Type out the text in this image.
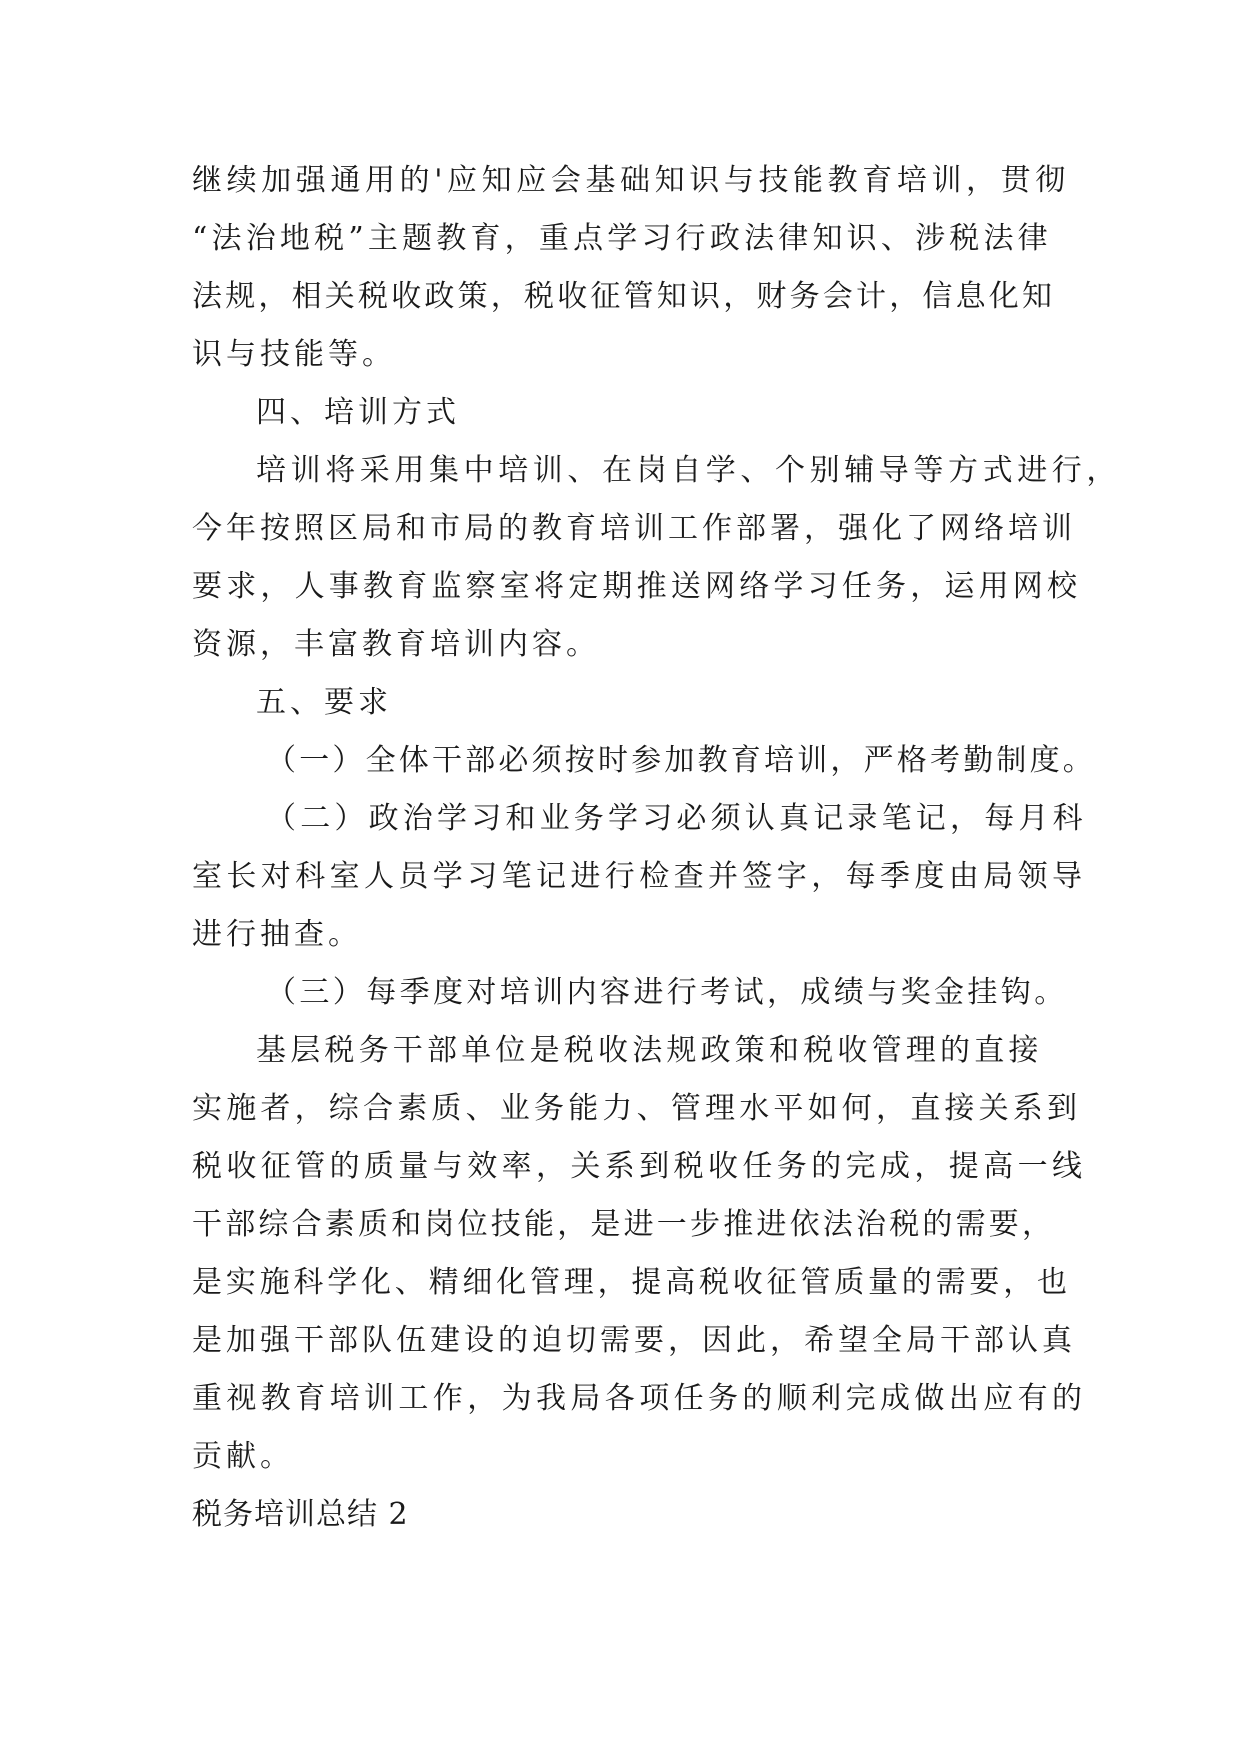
继续加强通用的'应知应会基础知识与技能教育培训，贯彻
“法治地税”主题教育，重点学习行政法律知识、涉税法律
法规，相关税收政策，税收征管知识，财务会计，信息化知
识与技能等。
四、培训方式
培训将采用集中培训、在岗自学、个别辅导等方式进行，
今年按照区局和市局的教育培训工作部署，强化了网络培训
要求，人事教育监察室将定期推送网络学习任务，运用网校
资源，丰富教育培训内容。
五、要求
（一）全体干部必须按时参加教育培训，严格考勤制度。
（二）政治学习和业务学习必须认真记录笔记，每月科
室长对科室人员学习笔记进行检查并签字，每季度由局领导
进行抽查。
（三）每季度对培训内容进行考试，成绩与奖金挂钩。
基层税务干部单位是税收法规政策和税收管理的直接
实施者，综合素质、业务能力、管理水平如何，直接关系到
税收征管的质量与效率，关系到税收任务的完成，提高一线
干部综合素质和岗位技能，是进一步推进依法治税的需要，
是实施科学化、精细化管理，提高税收征管质量的需要，也
是加强干部队伍建设的迫切需要，因此，希望全局干部认真
重视教育培训工作，为我局各项任务的顺利完成做出应有的
贡献。
税务培训总结 2
